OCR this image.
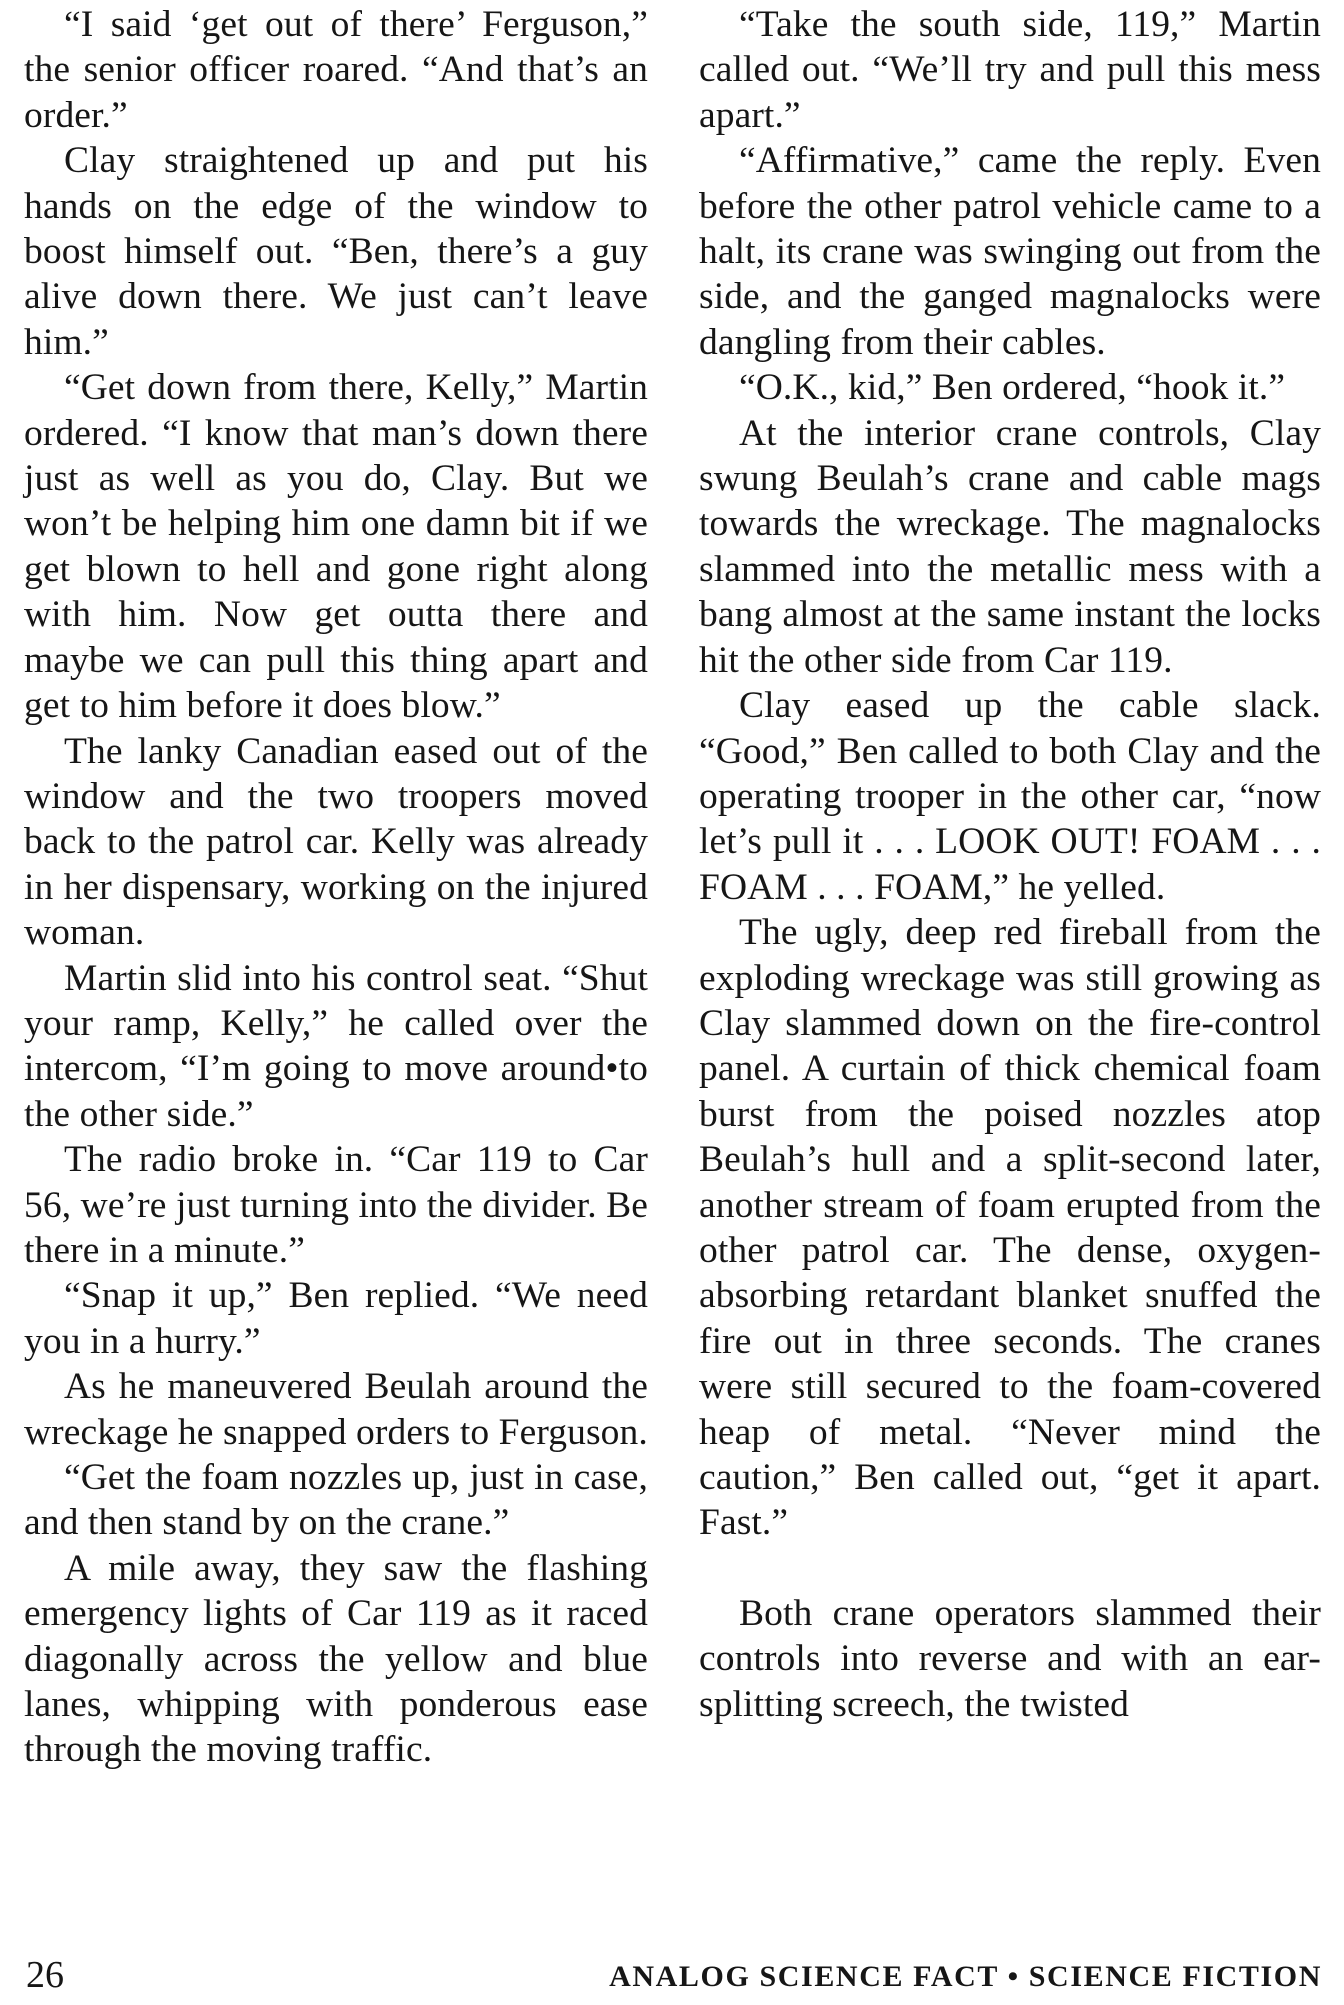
“I said ‘get out of there’ Ferguson,” the senior officer roared. “And that’s an order.”

Clay straightened up and put his hands on the edge of the window to boost himself out. “Ben, there’s a guy alive down there. We just can’t leave him.”

“Get down from there, Kelly,” Martin ordered. “I know that man’s down there just as well as you do, Clay. But we won’t be helping him one damn bit if we get blown to hell and gone right along with him. Now get outta there and maybe we can pull this thing apart and get to him before it does blow.”

The lanky Canadian eased out of the window and the two troopers moved back to the patrol car. Kelly was already in her dispensary, working on the injured woman.

Martin slid into his control seat. “Shut your ramp, Kelly,” he called over the intercom, “I’m going to move around•to the other side.”

The radio broke in. “Car 119 to Car 56, we’re just turning into the divider. Be there in a minute.”

“Snap it up,” Ben replied. “We need you in a hurry.”

As he maneuvered Beulah around the wreckage he snapped orders to Ferguson.

“Get the foam nozzles up, just in case, and then stand by on the crane.”

A mile away, they saw the flashing emergency lights of Car 119 as it raced diagonally across the yellow and blue lanes, whipping with ponderous ease through the moving traffic.

“Take the south side, 119,” Martin called out. “We’ll try and pull this mess apart.”

“Affirmative,” came the reply. Even before the other patrol vehicle came to a halt, its crane was swinging out from the side, and the ganged magnalocks were dangling from their cables.

“O.K., kid,” Ben ordered, “hook it.”

At the interior crane controls, Clay swung Beulah’s crane and cable mags towards the wreckage. The magnalocks slammed into the metallic mess with a bang almost at the same instant the locks hit the other side from Car 119.

Clay eased up the cable slack. “Good,” Ben called to both Clay and the operating trooper in the other car, “now let’s pull it . . . LOOK OUT! FOAM . . . FOAM . . . FOAM,” he yelled.

The ugly, deep red fireball from the exploding wreckage was still growing as Clay slammed down on the fire-control panel. A curtain of thick chemical foam burst from the poised nozzles atop Beulah’s hull and a split-second later, another stream of foam erupted from the other patrol car. The dense, oxygen-absorbing retardant blanket snuffed the fire out in three seconds. The cranes were still secured to the foam-covered heap of metal. “Never mind the caution,” Ben called out, “get it apart. Fast.”

Both crane operators slammed their controls into reverse and with an ear-splitting screech, the twisted

26	ANALOG SCIENCE FACT • SCIENCE FICTION
